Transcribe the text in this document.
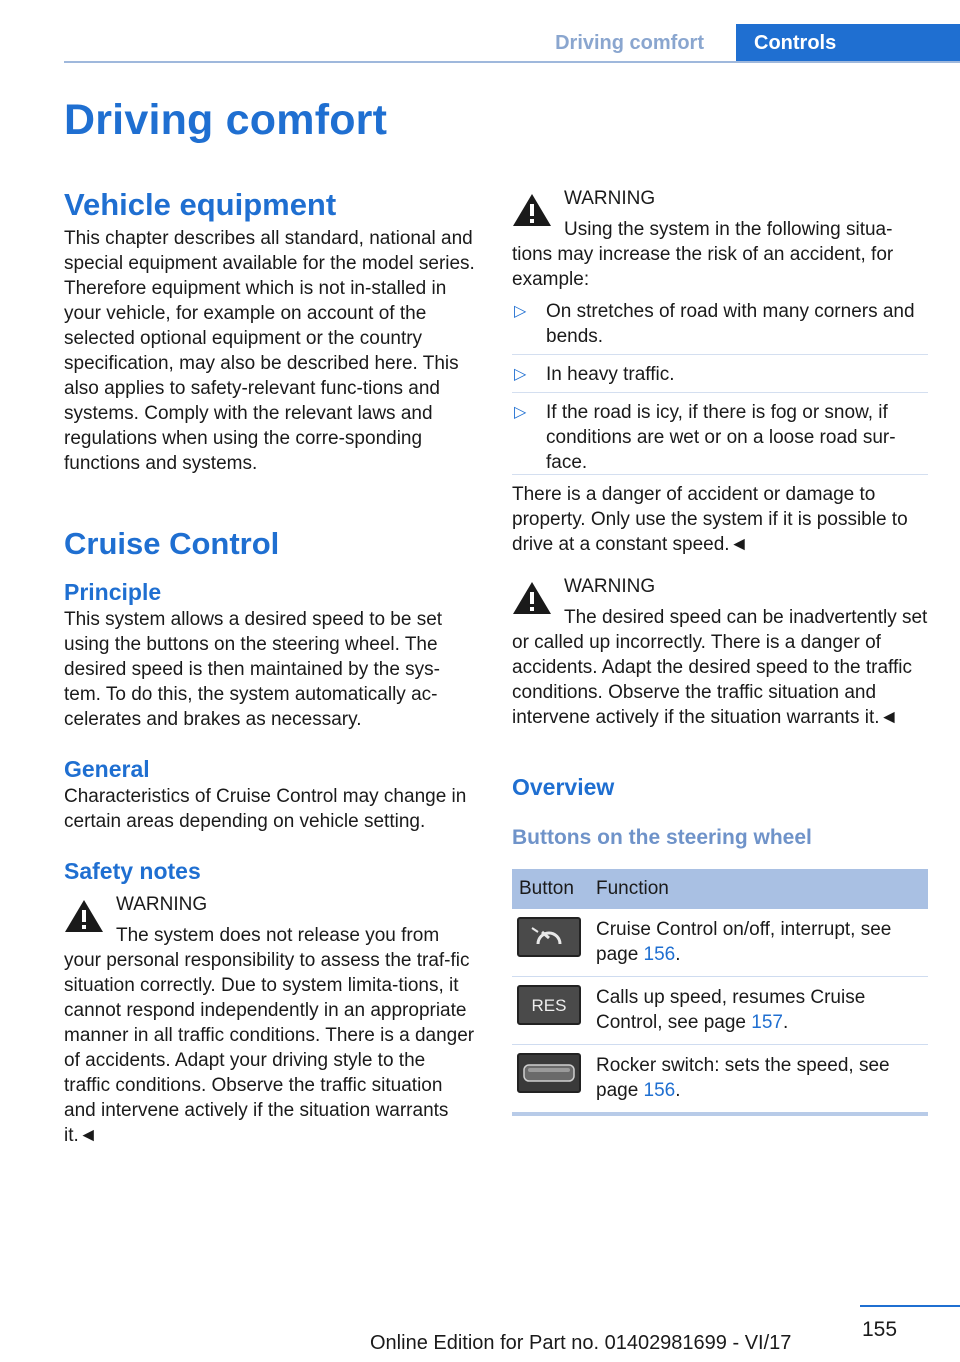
Driving comfort	Controls
Driving comfort
Vehicle equipment
This chapter describes all standard, national and special equipment available for the model series. Therefore equipment which is not in-stalled in your vehicle, for example on account of the selected optional equipment or the country specification, may also be described here. This also applies to safety-relevant func-tions and systems. Comply with the relevant laws and regulations when using the corre-sponding functions and systems.
Cruise Control
Principle
This system allows a desired speed to be set using the buttons on the steering wheel. The desired speed is then maintained by the sys-tem. To do this, the system automatically ac-celerates and brakes as necessary.
General
Characteristics of Cruise Control may change in certain areas depending on vehicle setting.
Safety notes
WARNING
The system does not release you from your personal responsibility to assess the traf-fic situation correctly. Due to system limita-tions, it cannot respond independently in an appropriate manner in all traffic conditions. There is a danger of accidents. Adapt your driving style to the traffic conditions. Observe the traffic situation and intervene actively if the situation warrants it.◄
WARNING
Using the system in the following situa-tions may increase the risk of an accident, for example:
▷ On stretches of road with many corners and bends.
▷ In heavy traffic.
▷ If the road is icy, if there is fog or snow, if conditions are wet or on a loose road sur-face.
There is a danger of accident or damage to property. Only use the system if it is possible to drive at a constant speed.◄
WARNING
The desired speed can be inadvertently set or called up incorrectly. There is a danger of accidents. Adapt the desired speed to the traffic conditions. Observe the traffic situation and intervene actively if the situation warrants it.◄
Overview
Buttons on the steering wheel
Button	Function

	Cruise Control on/off, interrupt, see page 156.

RES	Calls up speed, resumes Cruise Control, see page 157.

	Rocker switch: sets the speed, see page 156.
155
Online Edition for Part no. 01402981699 - VI/17
